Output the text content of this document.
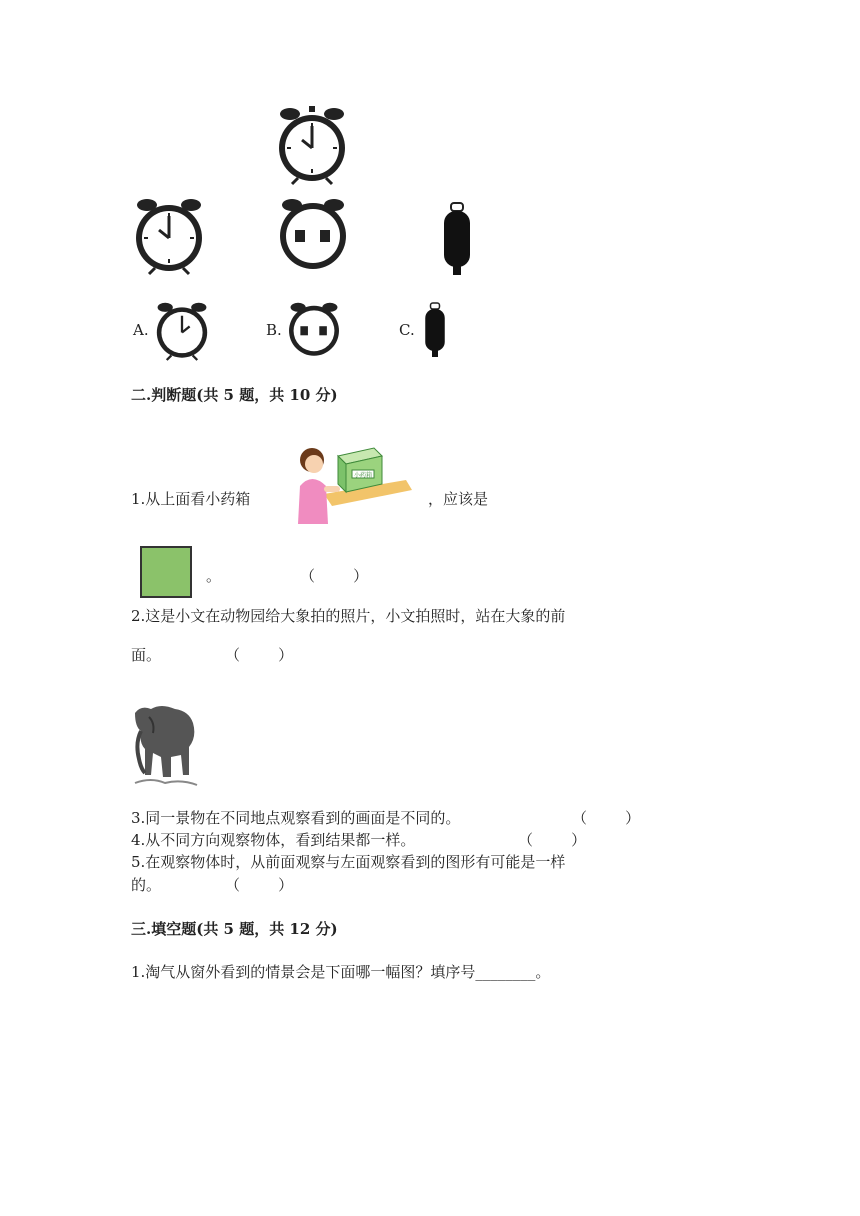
A.	B.	C.
二.判断题(共 5 题，共 10 分)
1.从上面看小药箱
小药箱
，应该是
。	（        ）
2.这是小文在动物园给大象拍的照片，小文拍照时，站在大象的前
面。	（        ）
3.同一景物在不同地点观察看到的画面是不同的。	（        ）
4.从不同方向观察物体，看到结果都一样。	（        ）
5.在观察物体时，从前面观察与左面观察看到的图形有可能是一样
的。	（        ）
三.填空题(共 5 题，共 12 分)
1.淘气从窗外看到的情景会是下面哪一幅图？填序号________。
